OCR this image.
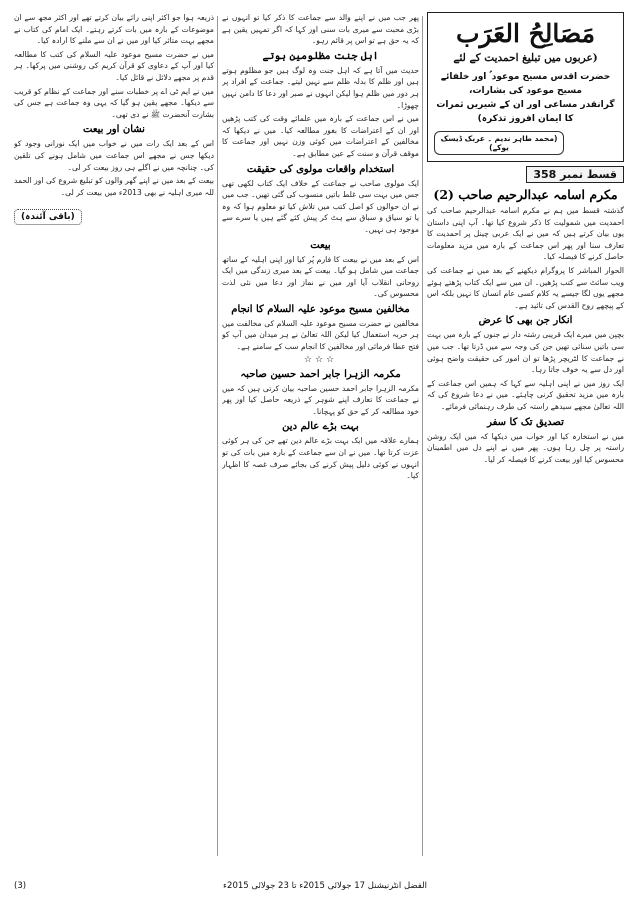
مَصَالِحُ العَرَب
(عربوں میں تبلیغ احمدیت کے لئے
حضرت اقدس مسیح موعود ؑ اور خلفائے مسیح موعود کی بشارات،
گرانقدر مساعی اور ان کے شیریں ثمرات کا ایمان افروز تذکرہ)
(محمد طاہر ندیم ۔ عربک ڈیسک یوکے)
قسط نمبر 358
مکرم اسامہ عبدالرحیم صاحب (2)

گذشتہ قسط میں ہم نے مکرم اسامہ عبدالرحیم صاحب کی احمدیت میں شمولیت کا ذکر شروع کیا تھا۔ آپ اپنی داستان یوں بیان کرتے ہیں کہ میں نے ایک عربی چینل پر احمدیت کا تعارف سنا اور پھر اس جماعت کے بارہ میں مزید معلومات حاصل کرنے کا فیصلہ کیا۔

الحوار المباشر کا پروگرام دیکھنے کے بعد میں نے جماعت کی ویب سائٹ سے کتب پڑھیں۔ ان میں سے ایک کتاب پڑھتے ہوئے مجھے یوں لگا جیسے یہ کلام کسی عام انسان کا نہیں بلکہ اس کے پیچھے روح القدس کی تائید ہے۔

انکار جن بھی کا عرض

بچپن میں میرے ایک قریبی رشتہ دار نے جنوں کے بارہ میں بہت سی باتیں سنائی تھیں جن کی وجہ سے میں ڈرتا تھا۔ جب میں نے جماعت کا لٹریچر پڑھا تو ان امور کی حقیقت واضح ہوئی اور دل سے یہ خوف جاتا رہا۔

ایک روز میں نے اپنی اہلیہ سے کہا کہ ہمیں اس جماعت کے بارہ میں مزید تحقیق کرنی چاہئے۔ میں نے دعا شروع کی کہ اللہ تعالیٰ مجھے سیدھے راستہ کی طرف رہنمائی فرمائے۔

تصدیق تک کا سفر

میں نے استخارہ کیا اور خواب میں دیکھا کہ میں ایک روشن راستہ پر چل رہا ہوں۔ پھر میں نے اپنے دل میں اطمینان محسوس کیا اور بیعت کرنے کا فیصلہ کر لیا۔

پھر جب میں نے اپنے والد سے جماعت کا ذکر کیا تو انہوں نے بڑی محبت سے میری بات سنی اور کہا کہ اگر تمہیں یقین ہے کہ یہ حق ہے تو اس پر قائم رہو۔

اہل جنت مظلومین ہوتے

حدیث میں آتا ہے کہ اہل جنت وہ لوگ ہیں جو مظلوم ہوتے ہیں اور ظلم کا بدلہ ظلم سے نہیں لیتے۔ جماعت کے افراد پر ہر دور میں ظلم ہوا لیکن انہوں نے صبر اور دعا کا دامن نہیں چھوڑا۔

میں نے اس جماعت کے بارہ میں علمائے وقت کی کتب پڑھیں اور ان کے اعتراضات کا بغور مطالعہ کیا۔ میں نے دیکھا کہ مخالفین کے اعتراضات میں کوئی وزن نہیں اور جماعت کا موقف قرآن و سنت کے عین مطابق ہے۔

استخدام واقعات مولوی کی حقیقت

ایک مولوی صاحب نے جماعت کے خلاف ایک کتاب لکھی تھی جس میں بہت سی غلط باتیں منسوب کی گئی تھیں۔ جب میں نے ان حوالوں کو اصل کتب میں تلاش کیا تو معلوم ہوا کہ وہ یا تو سیاق و سباق سے ہٹ کر پیش کئے گئے ہیں یا سرے سے موجود ہی نہیں۔

بیعت

اس کے بعد میں نے بیعت کا فارم پُر کیا اور اپنی اہلیہ کے ساتھ جماعت میں شامل ہو گیا۔ بیعت کے بعد میری زندگی میں ایک روحانی انقلاب آیا اور میں نے نماز اور دعا میں نئی لذت محسوس کی۔

مخالفین مسیح موعود علیہ السلام کا انجام

مخالفین نے حضرت مسیح موعود علیہ السلام کی مخالفت میں ہر حربہ استعمال کیا لیکن اللہ تعالیٰ نے ہر میدان میں آپ کو فتح عطا فرمائی اور مخالفین کا انجام سب کے سامنے ہے۔

☆☆☆
مکرمہ الزہرا جابر احمد حسین صاحبہ

مکرمہ الزہرا جابر احمد حسین صاحبہ بیان کرتی ہیں کہ میں نے جماعت کا تعارف اپنے شوہر کے ذریعہ حاصل کیا اور پھر خود مطالعہ کر کے حق کو پہچانا۔

بہت بڑے عالم دین

ہمارے علاقہ میں ایک بہت بڑے عالم دین تھے جن کی ہر کوئی عزت کرتا تھا۔ میں نے ان سے جماعت کے بارہ میں بات کی تو انہوں نے کوئی دلیل پیش کرنے کی بجائے صرف غصہ کا اظہار کیا۔

ذریعہ ہوا جو اکثر اپنی رائے بیان کرتے تھے اور اکثر مجھ سے ان موضوعات کے بارہ میں بات کرتے رہتے۔ ایک امام کی کتاب نے مجھے بہت متاثر کیا اور میں نے ان سے ملنے کا ارادہ کیا۔

میں نے حضرت مسیح موعود علیہ السلام کی کتب کا مطالعہ کیا اور آپ کے دعاوی کو قرآن کریم کی روشنی میں پرکھا۔ ہر قدم پر مجھے دلائل نے قائل کیا۔

میں نے ایم ٹی اے پر خطبات سنے اور جماعت کے نظام کو قریب سے دیکھا۔ مجھے یقین ہو گیا کہ یہی وہ جماعت ہے جس کی بشارت آنحضرت ﷺ نے دی تھی۔

نشان اور بیعت

اس کے بعد ایک رات میں نے خواب میں ایک نورانی وجود کو دیکھا جس نے مجھے اس جماعت میں شامل ہونے کی تلقین کی۔ چنانچہ میں نے اگلے ہی روز بیعت کر لی۔

بیعت کے بعد میں نے اپنے گھر والوں کو تبلیغ شروع کی اور الحمد للہ میری اہلیہ نے بھی 2013ء میں بیعت کر لی۔

(باقی آئندہ)
الفضل انٹرنیشنل 17 جولائی 2015ء تا 23 جولائی 2015ء
(3)
